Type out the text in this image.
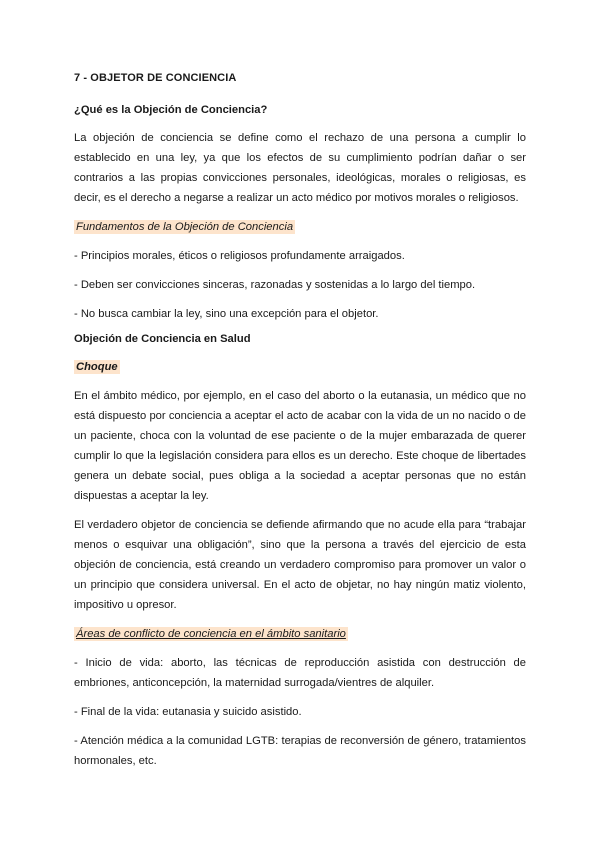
7 - OBJETOR DE CONCIENCIA
¿Qué es la Objeción de Conciencia?

La objeción de conciencia se define como el rechazo de una persona a cumplir lo establecido en una ley, ya que los efectos de su cumplimiento podrían dañar o ser contrarios a las propias convicciones personales, ideológicas, morales o religiosas, es decir, es el derecho a negarse a realizar un acto médico por motivos morales o religiosos.

Fundamentos de la Objeción de Conciencia

- Principios morales, éticos o religiosos profundamente arraigados.

- Deben ser convicciones sinceras, razonadas y sostenidas a lo largo del tiempo.

- No busca cambiar la ley, sino una excepción para el objetor.

Objeción de Conciencia en Salud
Choque

En el ámbito médico, por ejemplo, en el caso del aborto o la eutanasia, un médico que no está dispuesto por conciencia a aceptar el acto de acabar con la vida de un no nacido o de un paciente, choca con la voluntad de ese paciente o de la mujer embarazada de querer cumplir lo que la legislación considera para ellos es un derecho. Este choque de libertades genera un debate social, pues obliga a la sociedad a aceptar personas que no están dispuestas a aceptar la ley.

El verdadero objetor de conciencia se defiende afirmando que no acude ella para “trabajar menos o esquivar una obligación”, sino que la persona a través del ejercicio de esta objeción de conciencia, está creando un verdadero compromiso para promover un valor o un principio que considera universal. En el acto de objetar, no hay ningún matiz violento, impositivo u opresor.

Áreas de conflicto de conciencia en el ámbito sanitario

- Inicio de vida: aborto, las técnicas de reproducción asistida con destrucción de embriones, anticoncepción, la maternidad surrogada/vientres de alquiler.

- Final de la vida: eutanasia y suicido asistido.

- Atención médica a la comunidad LGTB: terapias de reconversión de género, tratamientos hormonales, etc.
